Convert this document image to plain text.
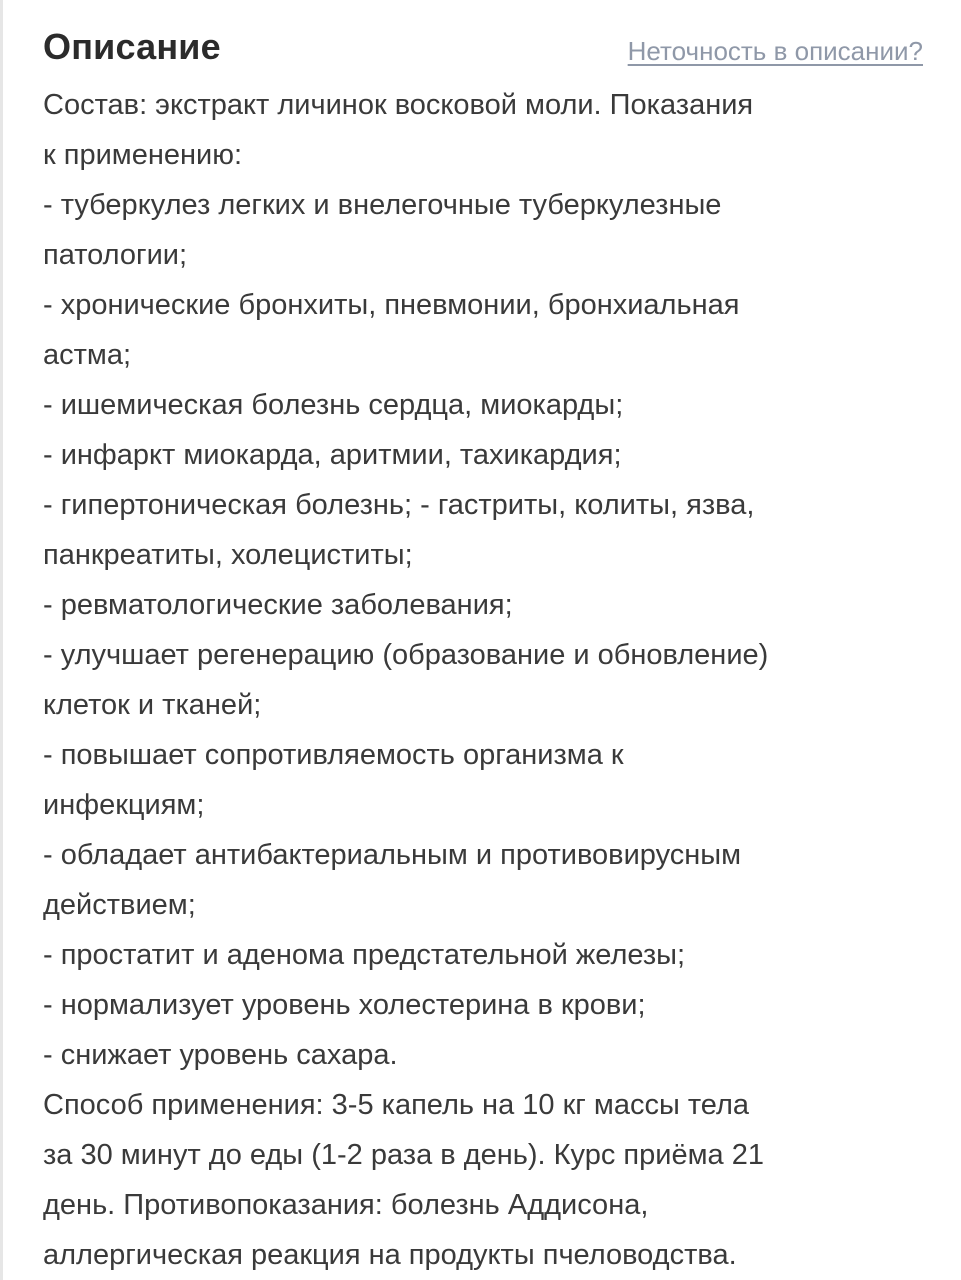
Описание	Неточность в описании?
Состав: экстракт личинок восковой моли. Показания
к применению:
- туберкулез легких и внелегочные туберкулезные
патологии;
- хронические бронхиты, пневмонии, бронхиальная
астма;
- ишемическая болезнь сердца, миокарды;
- инфаркт миокарда, аритмии, тахикардия;
- гипертоническая болезнь; - гастриты, колиты, язва,
панкреатиты, холециститы;
- ревматологические заболевания;
- улучшает регенерацию (образование и обновление)
клеток и тканей;
- повышает сопротивляемость организма к
инфекциям;
- обладает антибактериальным и противовирусным
действием;
- простатит и аденома предстательной железы;
- нормализует уровень холестерина в крови;
- снижает уровень сахара.
Способ применения: 3-5 капель на 10 кг массы тела
за 30 минут до еды (1-2 раза в день). Курс приёма 21
день. Противопоказания: болезнь Аддисона,
аллергическая реакция на продукты пчеловодства.
